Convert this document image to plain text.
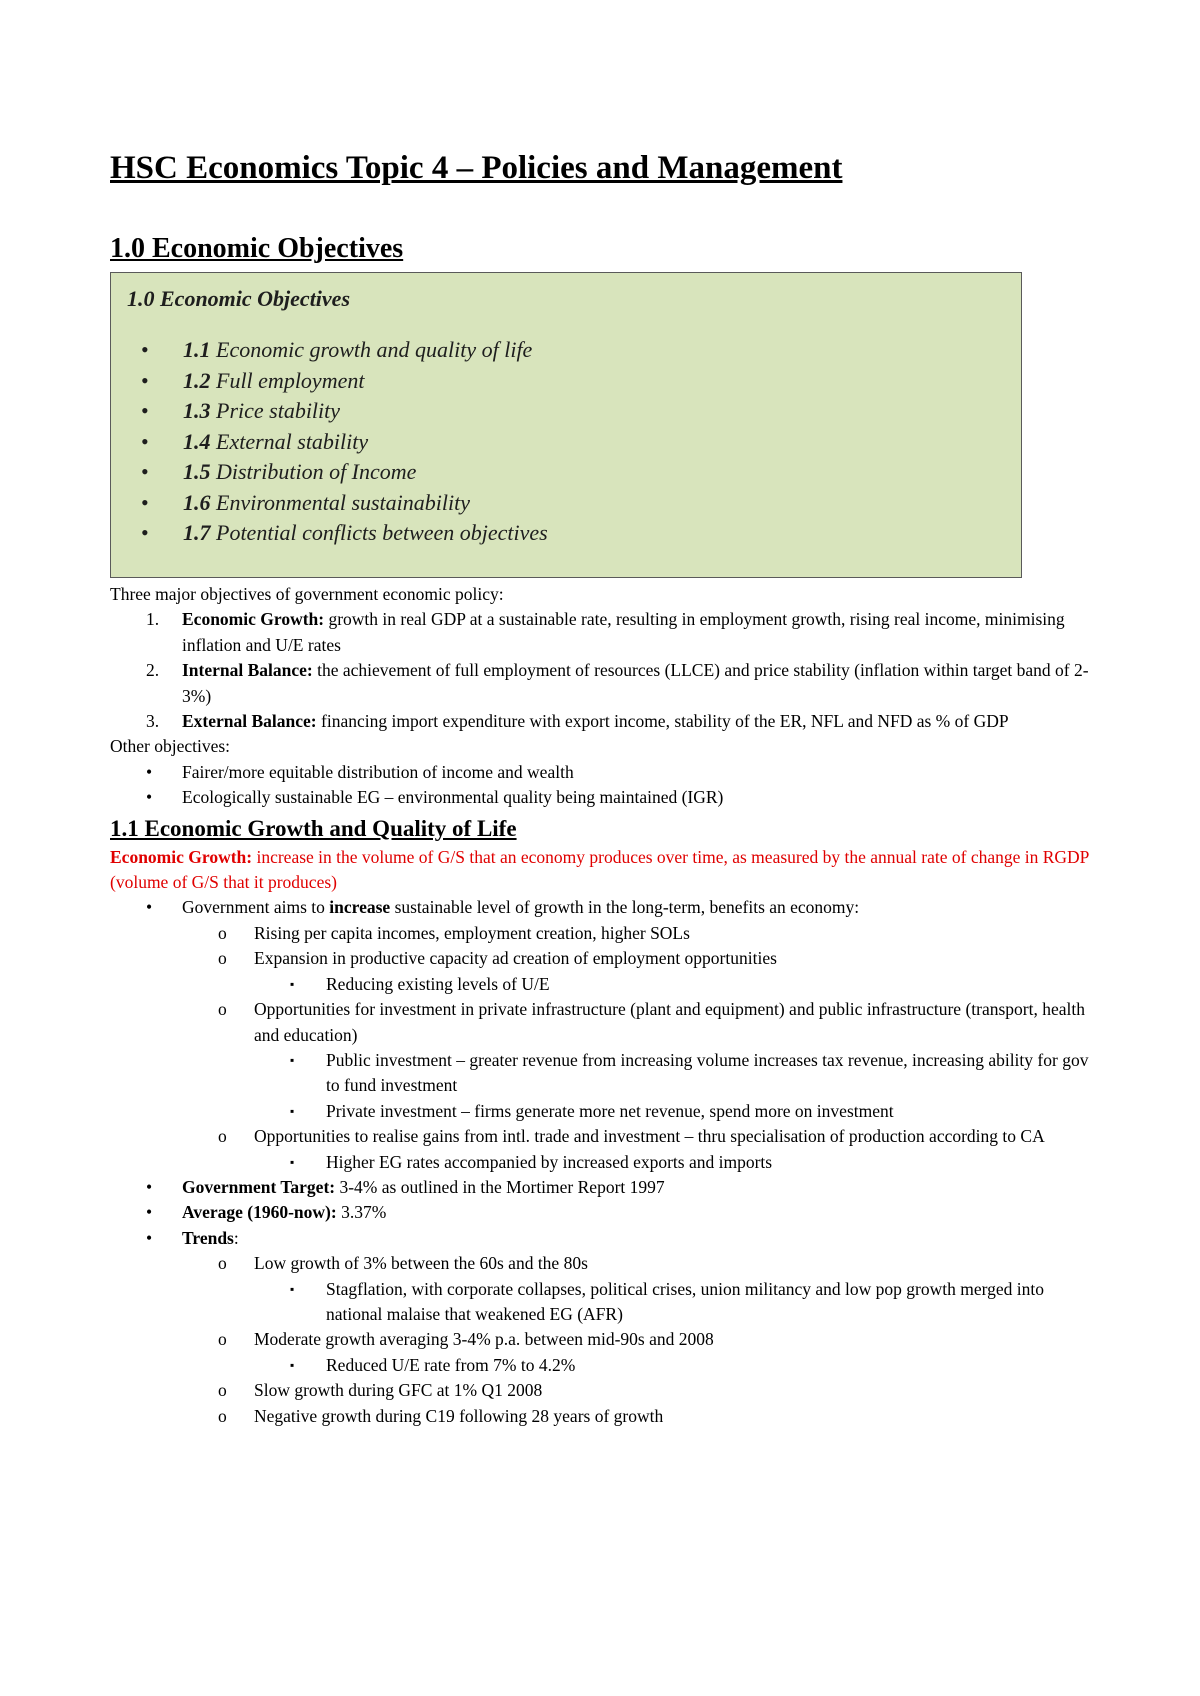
HSC Economics Topic 4 – Policies and Management
1.0 Economic Objectives
1.0 Economic Objectives
• 1.1 Economic growth and quality of life
• 1.2 Full employment
• 1.3 Price stability
• 1.4 External stability
• 1.5 Distribution of Income
• 1.6 Environmental sustainability
• 1.7 Potential conflicts between objectives

Three major objectives of government economic policy:

1. Economic Growth: growth in real GDP at a sustainable rate, resulting in employment growth, rising real income, minimising inflation and U/E rates
2. Internal Balance: the achievement of full employment of resources (LLCE) and price stability (inflation within target band of 2-3%)
3. External Balance: financing import expenditure with export income, stability of the ER, NFL and NFD as % of GDP

Other objectives:

• Fairer/more equitable distribution of income and wealth
• Ecologically sustainable EG – environmental quality being maintained (IGR)
1.1 Economic Growth and Quality of Life

Economic Growth: increase in the volume of G/S that an economy produces over time, as measured by the annual rate of change in RGDP (volume of G/S that it produces)

• Government aims to increase sustainable level of growth in the long-term, benefits an economy:
o Rising per capita incomes, employment creation, higher SOLs
o Expansion in productive capacity ad creation of employment opportunities
▪ Reducing existing levels of U/E
o Opportunities for investment in private infrastructure (plant and equipment) and public infrastructure (transport, health and education)
▪ Public investment – greater revenue from increasing volume increases tax revenue, increasing ability for gov to fund investment
▪ Private investment – firms generate more net revenue, spend more on investment
o Opportunities to realise gains from intl. trade and investment – thru specialisation of production according to CA
▪ Higher EG rates accompanied by increased exports and imports
• Government Target: 3-4% as outlined in the Mortimer Report 1997
• Average (1960-now): 3.37%
• Trends:
o Low growth of 3% between the 60s and the 80s
▪ Stagflation, with corporate collapses, political crises, union militancy and low pop growth merged into national malaise that weakened EG (AFR)
o Moderate growth averaging 3-4% p.a. between mid-90s and 2008
▪ Reduced U/E rate from 7% to 4.2%
o Slow growth during GFC at 1% Q1 2008
o Negative growth during C19 following 28 years of growth
